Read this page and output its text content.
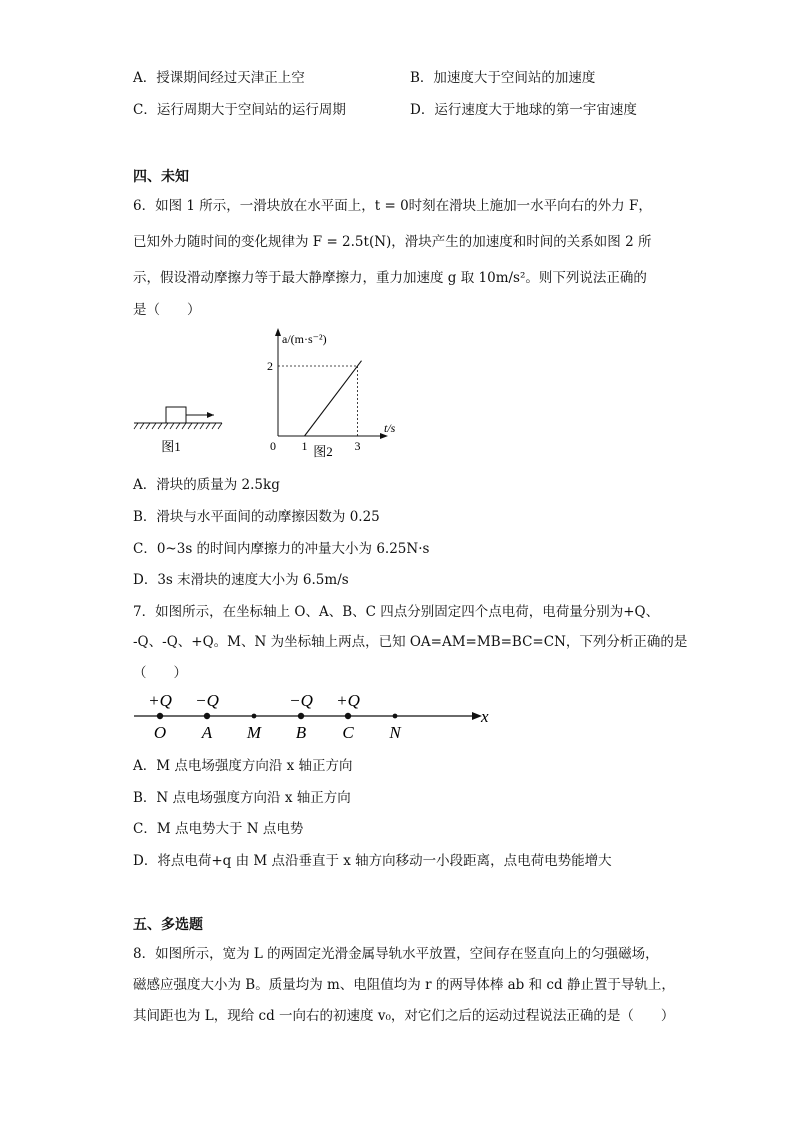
A．授课期间经过天津正上空	B．加速度大于空间站的加速度
C．运行周期大于空间站的运行周期	D．运行速度大于地球的第一宇宙速度
四、未知
6．如图 1 所示，一滑块放在水平面上，t = 0时刻在滑块上施加一水平向右的外力 F，
已知外力随时间的变化规律为 F = 2.5t(N)，滑块产生的加速度和时间的关系如图 2 所
示，假设滑动摩擦力等于最大静摩擦力，重力加速度 g 取 10m/s²。则下列说法正确的
是（　　）
图1
a/(m·s⁻²)
t/s
0 1	3
2
图2
A．滑块的质量为 2.5kg
B．滑块与水平面间的动摩擦因数为 0.25
C．0~3s 的时间内摩擦力的冲量大小为 6.25N·s
D．3s 末滑块的速度大小为 6.5m/s
7．如图所示，在坐标轴上 O、A、B、C 四点分别固定四个点电荷，电荷量分别为+Q、
-Q、-Q、+Q。M、N 为坐标轴上两点，已知 OA=AM=MB=BC=CN，下列分析正确的是
（　　）
x
+Q −Q	−Q +Q
O A M B C N
A．M 点电场强度方向沿 x 轴正方向
B．N 点电场强度方向沿 x 轴正方向
C．M 点电势大于 N 点电势
D．将点电荷+q 由 M 点沿垂直于 x 轴方向移动一小段距离，点电荷电势能增大
五、多选题
8．如图所示，宽为 L 的两固定光滑金属导轨水平放置，空间存在竖直向上的匀强磁场，
磁感应强度大小为 B。质量均为 m、电阻值均为 r 的两导体棒 ab 和 cd 静止置于导轨上，
其间距也为 L，现给 cd 一向右的初速度 v₀，对它们之后的运动过程说法正确的是（　　）
